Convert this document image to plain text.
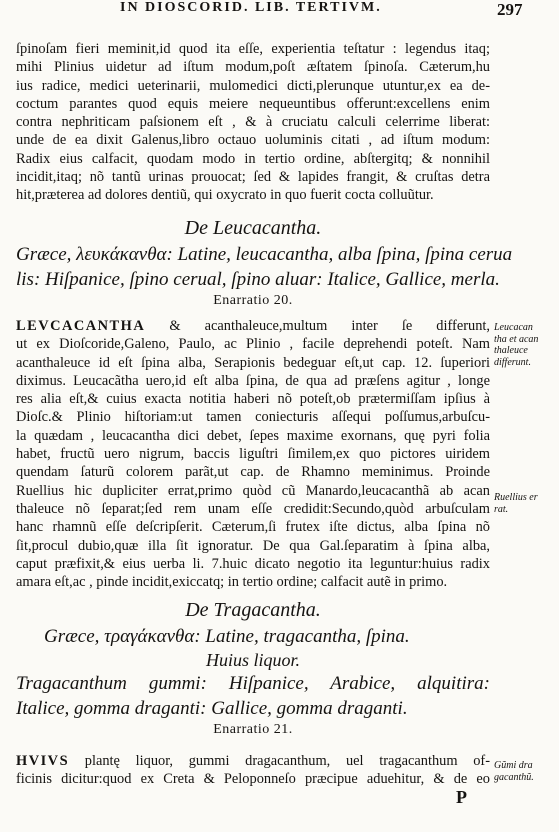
IN DIOSCORID. LIB. TERTIVM.	297
ſpinoſam fieri meminit,id quod ita eſſe, experientia teſtatur : legendus itaq;
mihi Plinius uidetur ad iſtum modum,poſt æſtatem ſpinoſa. Cæterum,hu
ius radice, medici ueterinarii, mulomedici dicti,plerunque utuntur,ex ea de-
coctum parantes quod equis meiere nequeuntibus offerunt:excellens enim
contra nephriticam paſsionem eſt , & à cruciatu calculi celerrime liberat:
unde de ea dixit Galenus,libro octauo uoluminis citati , ad iſtum modum:
Radix eius calfacit, quodam modo in tertio ordine, abſtergitq; & nonnihil
incidit,itaq; nõ tantũ urinas prouocat; ſed & lapides frangit, & cruſtas detra
hit,præterea ad dolores dentiũ, qui oxycrato in quo fuerit cocta colluũtur.
De Leucacantha.
Græce, λευκάκανθα: Latine, leucacantha, alba ſpina, ſpina cerua
lis: Hiſpanice, ſpino cerual, ſpino aluar: Italice, Gallice, merla.
Enarratio 20.
LEVCACANTHA & acanthaleuce,multum inter ſe differunt,
ut ex Dioſcoride,Galeno, Paulo, ac Plinio , facile deprehendi poteſt. Nam
acanthaleuce id eſt ſpina alba, Serapionis bedeguar eſt,ut cap. 12. ſuperiori
diximus. Leucacãtha uero,id eſt alba ſpina, de qua ad præſens agitur , longe
res alia eſt,& cuius exacta notitia haberi nõ poteſt,ob prætermiſſam ipſius à
Dioſc.& Plinio hiſtoriam:ut tamen coniecturis aſſequi poſſumus,arbuſcu-
la quædam , leucacantha dici debet, ſepes maxime exornans, quę pyri folia
habet, fructũ uero nigrum, baccis liguſtri ſimilem,ex quo pictores uiridem
quendam ſaturũ colorem parãt,ut cap. de Rhamno meminimus. Proinde
Ruellius hic dupliciter errat,primo quòd cũ Manardo,leucacanthã ab acan
thaleuce nõ ſeparat;ſed rem unam eſſe credidit:Secundo,quòd arbuſculam
hanc rhamnũ eſſe deſcripſerit. Cæterum,ſi frutex iſte dictus, alba ſpina nõ
ſit,procul dubio,quæ illa ſit ignoratur. De qua Gal.ſeparatim à ſpina alba,
caput præfixit,& eius uerba li. 7.huic dicato negotio ita leguntur:huius radix
amara eſt,ac , pinde incidit,exiccatq; in tertio ordine; calfacit autẽ in primo.
De Tragacantha.
Græce, τραγάκανθα: Latine, tragacantha, ſpina.
Huius liquor.
Tragacanthum gummi: Hiſpanice, Arabice, alquitira:
Italice, gomma draganti: Gallice, gomma draganti.
Enarratio 21.
HVIVS plantę liquor, gummi dragacanthum, uel tragacanthum of-
ficinis dicitur:quod ex Creta & Peloponneſo præcipue aduehitur, & de eo
Leucacan
tha et acan
thaleuce
differunt.
Ruellius er
rat.
Gũmi dra
gacanthũ.
P
